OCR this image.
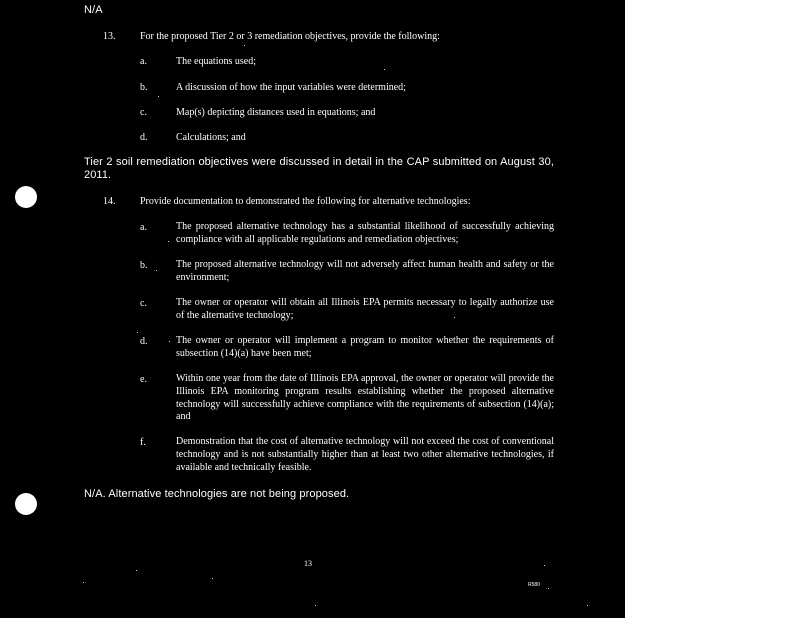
N/A
13. For the proposed Tier 2 or 3 remediation objectives, provide the following:
a.	The equations used;
b.	A discussion of how the input variables were determined;
c.	Map(s) depicting distances used in equations; and
d.	Calculations; and
Tier 2 soil remediation objectives were discussed in detail in the CAP submitted on August 30, 2011.
14. Provide documentation to demonstrated the following for alternative technologies:
a.	The proposed alternative technology has a substantial likelihood of successfully achieving compliance with all applicable regulations and remediation objectives;
b.	The proposed alternative technology will not adversely affect human health and safety or the environment;
c.	The owner or operator will obtain all Illinois EPA permits necessary to legally authorize use of the alternative technology;
d.	The owner or operator will implement a program to monitor whether the requirements of subsection (14)(a) have been met;
e.	Within one year from the date of Illinois EPA approval, the owner or operator will provide the Illinois EPA monitoring program results establishing whether the proposed alternative technology will successfully achieve compliance with the requirements of subsection (14)(a); and
f.	Demonstration that the cost of alternative technology will not exceed the cost of conventional technology and is not substantially higher than at least two other alternative technologies, if available and technically feasible.
N/A. Alternative technologies are not being proposed.
13
R580
